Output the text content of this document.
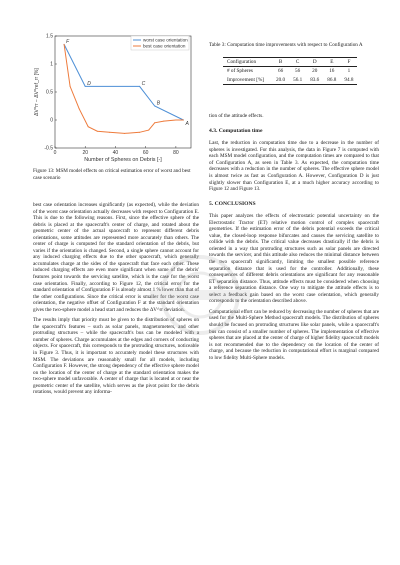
0	20	40	60	80
-0.5
0
0.5
1
1.5
Number of Spheres on Debris [-]
ΔV^rr − ΔV^ref_rr [%]
F
D	C
B
A
worst case orientation
best case orientation
Figure 13: MSM model effects on critical estimation error of worst and best case scenario

best case orientation increases significantly (as expected), while the deviation of the worst case orientation actually decreases with respect to Configuration E. This is due to the following reasons. First, since the effective sphere of the debris is placed at the spacecraft's center of charge, and rotated about the geometric center of the actual spacecraft to represent different debris orientations, some attitudes are represented more accurately than others. The center of charge is computed for the standard orientation of the debris, but varies if the orientation is changed. Second, a single sphere cannot account for any induced charging effects due to the other spacecraft, which generally accumulates charge at the sides of the spacecraft that face each other. These induced charging effects are even more significant when some of the debris' features point towards the servicing satellite, which is the case for the worst case orientation. Finally, according to Figure 12, the critical error for the standard orientation of Configuration F is already almost 1 % lower than that of the other configurations. Since the critical error is smaller for the worst case orientation, the negative offset of Configuration F at the standard orientation gives the two-sphere model a head start and reduces the ΔV^rr deviation.

The results imply that priority must be given to the distribution of spheres on the spacecraft's features – such as solar panels, magnetometers, and other protruding structures – while the spacecraft's bus can be modeled with a number of spheres. Charge accumulates at the edges and corners of conducting objects. For spacecraft, this corresponds to the protruding structures, noticeable in Figure 3. Thus, it is important to accurately model these structures with MSM. The deviations are reasonably small for all models, including Configuration F. However, the strong dependency of the effective sphere model on the location of the center of charge at the standard orientation makes the two-sphere model unfavorable. A center of charge that is located at or near the geometric center of the satellite, which serves as the pivot point for the debris rotations, would prevent any informa-

Table 3: Computation time improvements with respect to Configuration A
Configuration	B	C	D	E	F
# of Spheres	66	56	20	16	1
Improvement [%]	20.0	56.1	83.6	86.8	94.8

tion of the attitude effects.

4.3. Computation time

Last, the reduction in computation time due to a decrease in the number of spheres is investigated. For this analysis, the data in Figure 7 is computed with each MSM model configuration, and the computation times are compared to that of Configuration A, as seen in Table 3. As expected, the computation time decreases with a reduction in the number of spheres. The effective sphere model is almost twice as fast as Configuration A. However, Configuration D is just slightly slower than Configuration E, at a much higher accuracy according to Figure 12 and Figure 13.

5. CONCLUSIONS

This paper analyzes the effects of electrostatic potential uncertainty on the Electrostatic Tractor (ET) relative motion control of complex spacecraft geometries. If the estimation error of the debris potential exceeds the critical value, the closed-loop response bifurcates and causes the servicing satellite to collide with the debris. The critical value decreases drastically if the debris is oriented in a way that protruding structures such as solar panels are directed towards the servicer, and this attitude also reduces the minimal distance between the two spacecraft significantly, limiting the smallest possible reference separation distance that is used for the controller. Additionally, these consequences of different debris orientations are significant for any reasonable ET separation distance. Thus, attitude effects must be considered when choosing a reference separation distance. One way to mitigate the attitude effects is to select a feedback gain based on the worst case orientation, which generally corresponds to the orientation described above.

Computational effort can be reduced by decreasing the number of spheres that are used for the Multi-Sphere Method spacecraft models. The distribution of spheres should be focused on protruding structures like solar panels, while a spacecraft's bus can consist of a smaller number of spheres. The implementation of effective spheres that are placed at the center of charge of higher fidelity spacecraft models is not recommended due to the dependency on the location of the center of charge, and because the reduction in computational effort is marginal compared to low fidelity Multi-Sphere models.
